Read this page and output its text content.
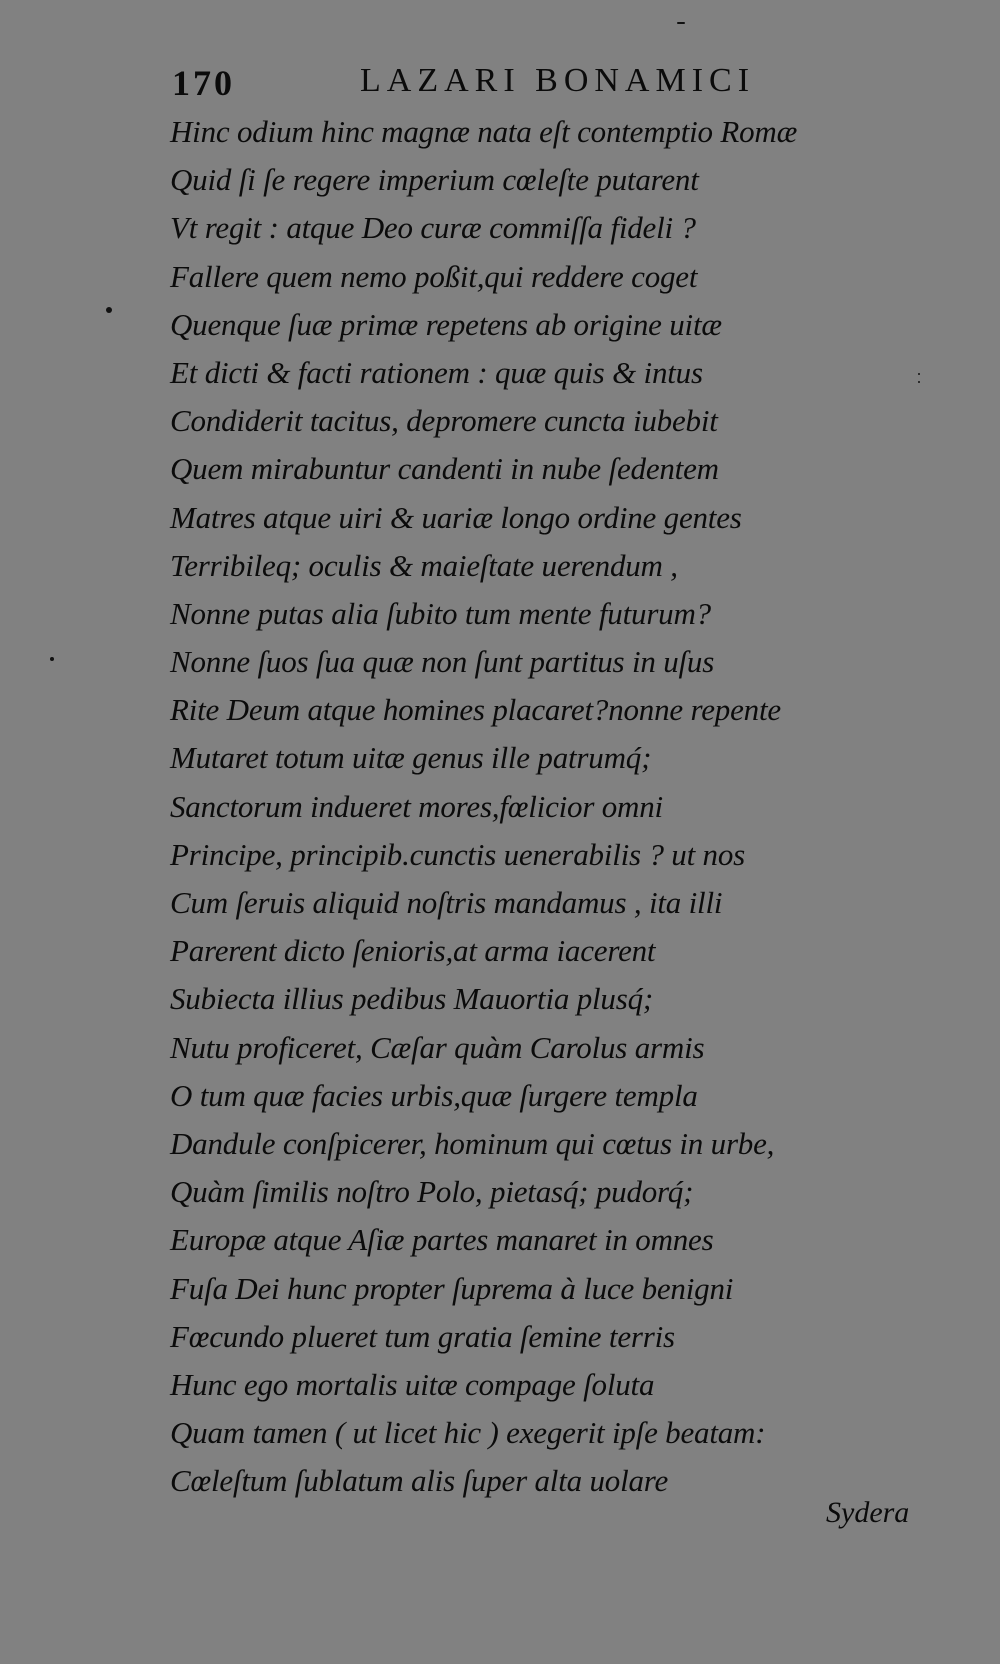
170	LAZARI BONAMICI
Hinc odium hinc magnæ nata eſt contemptio Romæ
Quid ſi ſe regere imperium cœleſte putarent
Vt regit : atque Deo curæ commiſſa fideli ?
Fallere quem nemo poßit,qui reddere coget
Quenque ſuæ primæ repetens ab origine uitæ
Et dicti & facti rationem : quæ quis & intus
Condiderit tacitus, depromere cuncta iubebit
Quem mirabuntur candenti in nube ſedentem
Matres atque uiri & uariæ longo ordine gentes
Terribileq; oculis & maieſtate uerendum ,
Nonne putas alia ſubito tum mente futurum?
Nonne ſuos ſua quæ non ſunt partitus in uſus
Rite Deum atque homines placaret?nonne repente
Mutaret totum uitæ genus ille patrumq́;
Sanctorum indueret mores,fœlicior omni
Principe, principib.cunctis uenerabilis ? ut nos
Cum ſeruis aliquid noſtris mandamus , ita illi
Parerent dicto ſenioris,at arma iacerent
Subiecta illius pedibus Mauortia plusq́;
Nutu proficeret, Cæſar quàm Carolus armis
O tum quæ facies urbis,quæ ſurgere templa
Dandule conſpicerer, hominum qui cœtus in urbe,
Quàm ſimilis noſtro Polo, pietasq́; pudorq́;
Europæ atque Aſiæ partes manaret in omnes
Fuſa Dei hunc propter ſuprema à luce benigni
Fœcundo plueret tum gratia ſemine terris
Hunc ego mortalis uitæ compage ſoluta
Quam tamen ( ut licet hic ) exegerit ipſe beatam:
Cœleſtum ſublatum alis ſuper alta uolare
Sydera
